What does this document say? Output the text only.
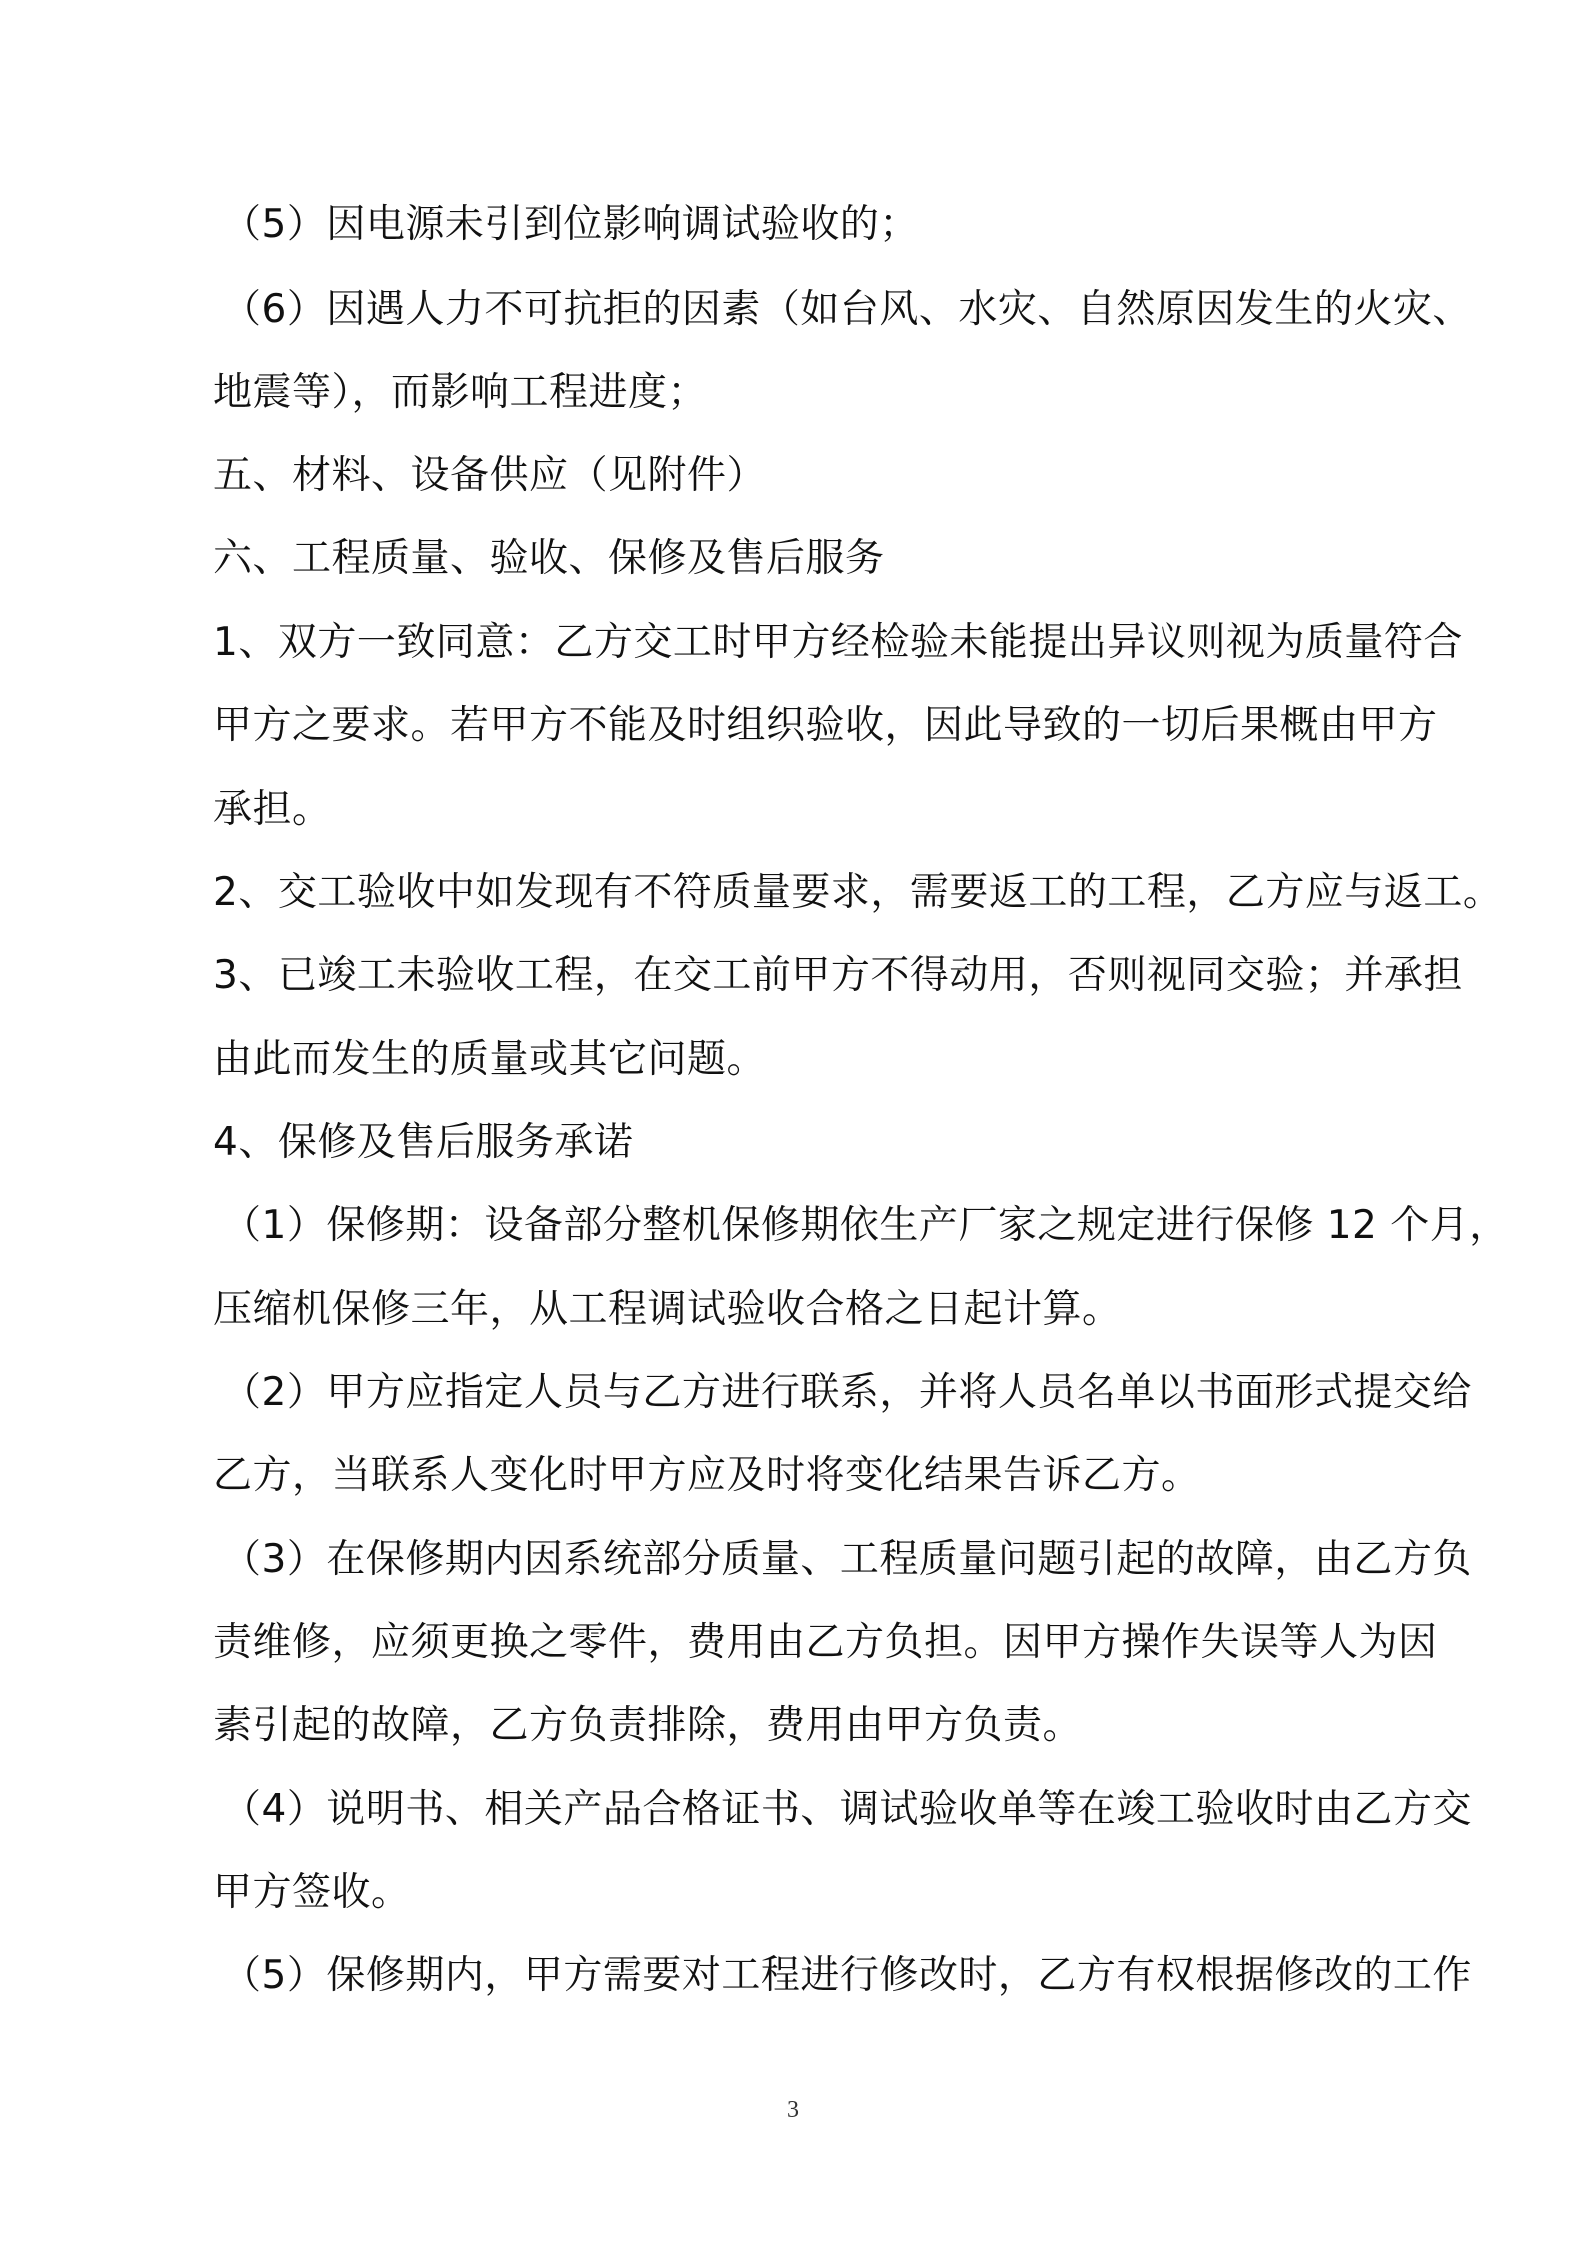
（5）因电源未引到位影响调试验收的；
（6）因遇人力不可抗拒的因素（如台风、水灾、自然原因发生的火灾、
地震等），而影响工程进度；
五、材料、设备供应（见附件）
六、工程质量、验收、保修及售后服务
1、双方一致同意：乙方交工时甲方经检验未能提出异议则视为质量符合
甲方之要求。若甲方不能及时组织验收，因此导致的一切后果概由甲方
承担。
2、交工验收中如发现有不符质量要求，需要返工的工程，乙方应与返工。
3、已竣工未验收工程，在交工前甲方不得动用，否则视同交验；并承担
由此而发生的质量或其它问题。
4、保修及售后服务承诺
（1）保修期：设备部分整机保修期依生产厂家之规定进行保修 12 个月，
压缩机保修三年，从工程调试验收合格之日起计算。
（2）甲方应指定人员与乙方进行联系，并将人员名单以书面形式提交给
乙方，当联系人变化时甲方应及时将变化结果告诉乙方。
（3）在保修期内因系统部分质量、工程质量问题引起的故障，由乙方负
责维修，应须更换之零件，费用由乙方负担。因甲方操作失误等人为因
素引起的故障，乙方负责排除，费用由甲方负责。
（4）说明书、相关产品合格证书、调试验收单等在竣工验收时由乙方交
甲方签收。
（5）保修期内，甲方需要对工程进行修改时，乙方有权根据修改的工作
3
